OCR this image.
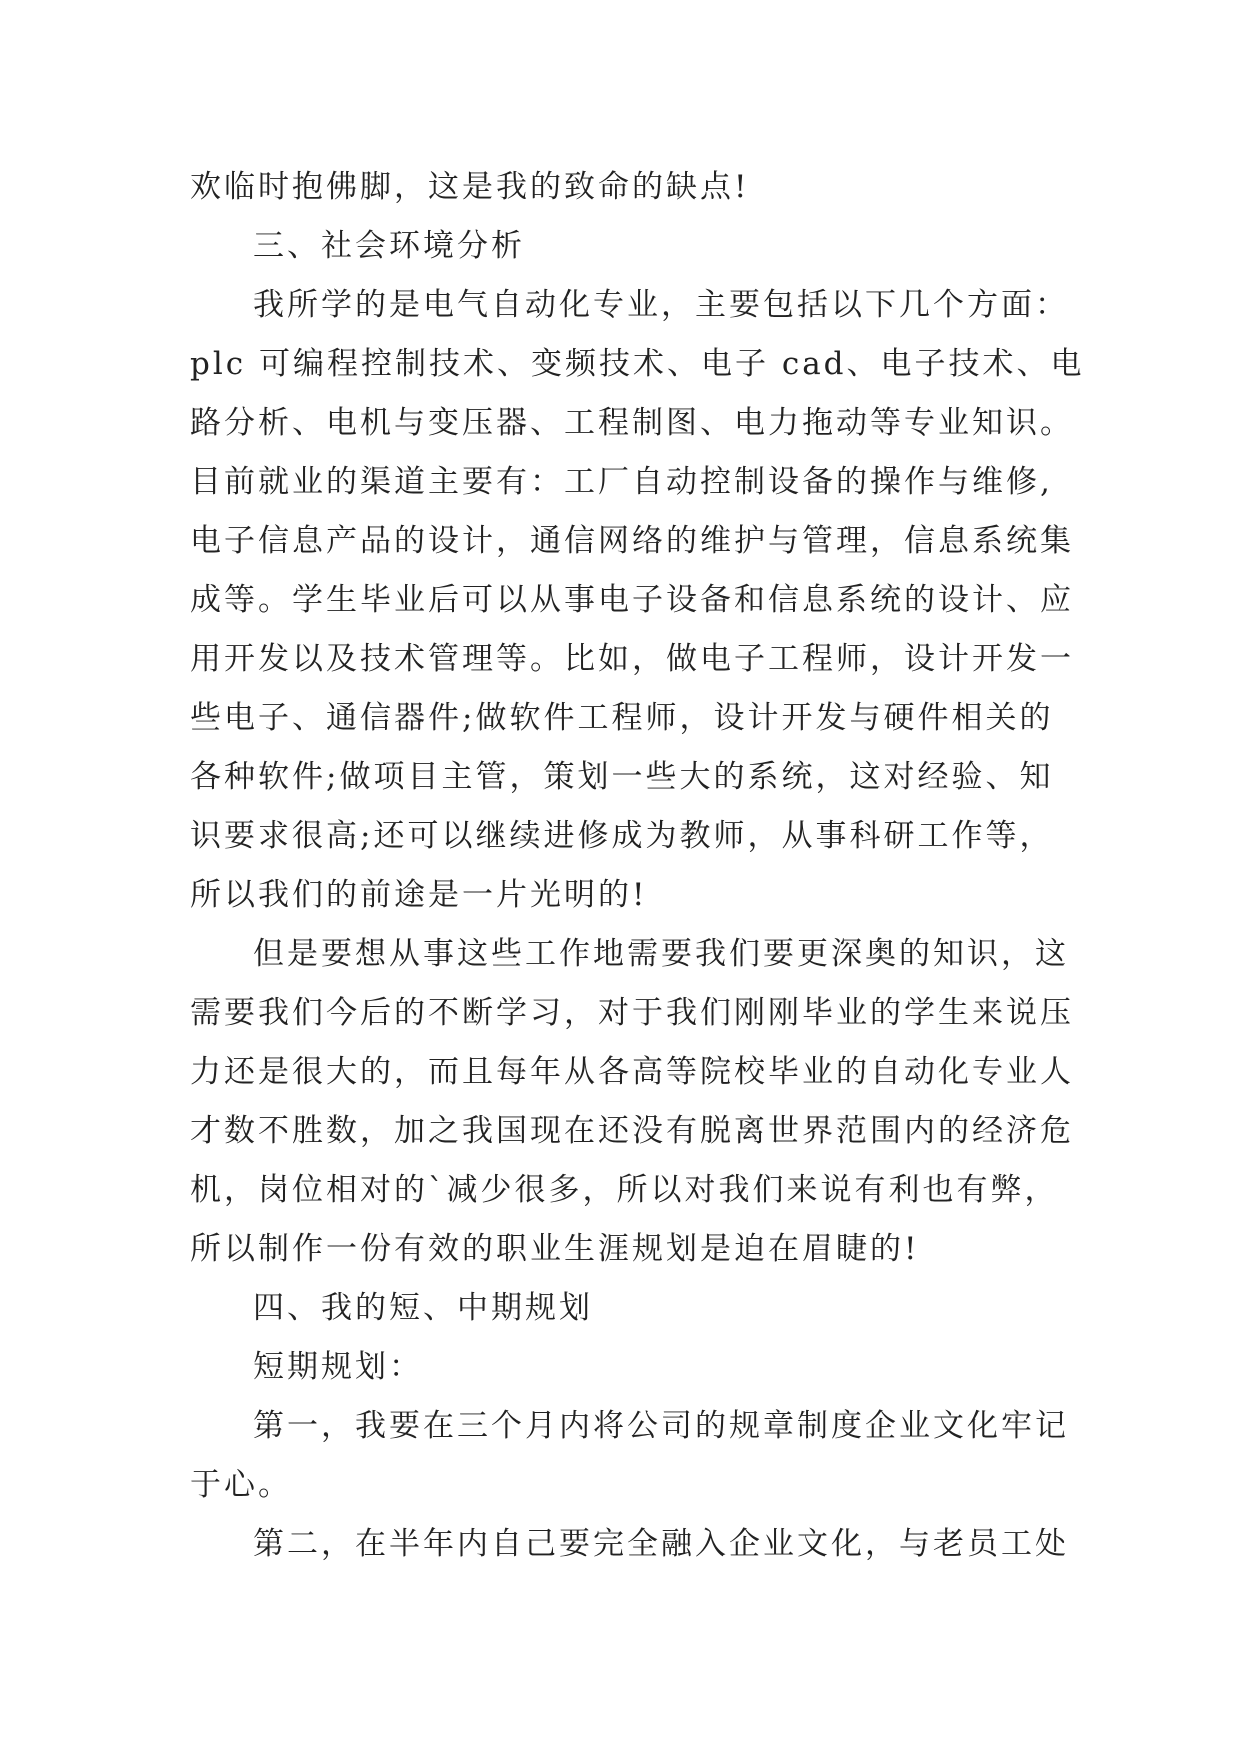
欢临时抱佛脚，这是我的致命的缺点!
三、社会环境分析
我所学的是电气自动化专业，主要包括以下几个方面：
plc 可编程控制技术、变频技术、电子 cad、电子技术、电
路分析、电机与变压器、工程制图、电力拖动等专业知识。
目前就业的渠道主要有：工厂自动控制设备的操作与维修,
电子信息产品的设计，通信网络的维护与管理，信息系统集
成等。学生毕业后可以从事电子设备和信息系统的设计、应
用开发以及技术管理等。比如，做电子工程师，设计开发一
些电子、通信器件;做软件工程师，设计开发与硬件相关的
各种软件;做项目主管，策划一些大的系统，这对经验、知
识要求很高;还可以继续进修成为教师，从事科研工作等，
所以我们的前途是一片光明的!
但是要想从事这些工作地需要我们要更深奥的知识，这
需要我们今后的不断学习，对于我们刚刚毕业的学生来说压
力还是很大的，而且每年从各高等院校毕业的自动化专业人
才数不胜数，加之我国现在还没有脱离世界范围内的经济危
机，岗位相对的`减少很多，所以对我们来说有利也有弊，
所以制作一份有效的职业生涯规划是迫在眉睫的!
四、我的短、中期规划
短期规划：
第一，我要在三个月内将公司的规章制度企业文化牢记
于心。
第二，在半年内自己要完全融入企业文化，与老员工处
